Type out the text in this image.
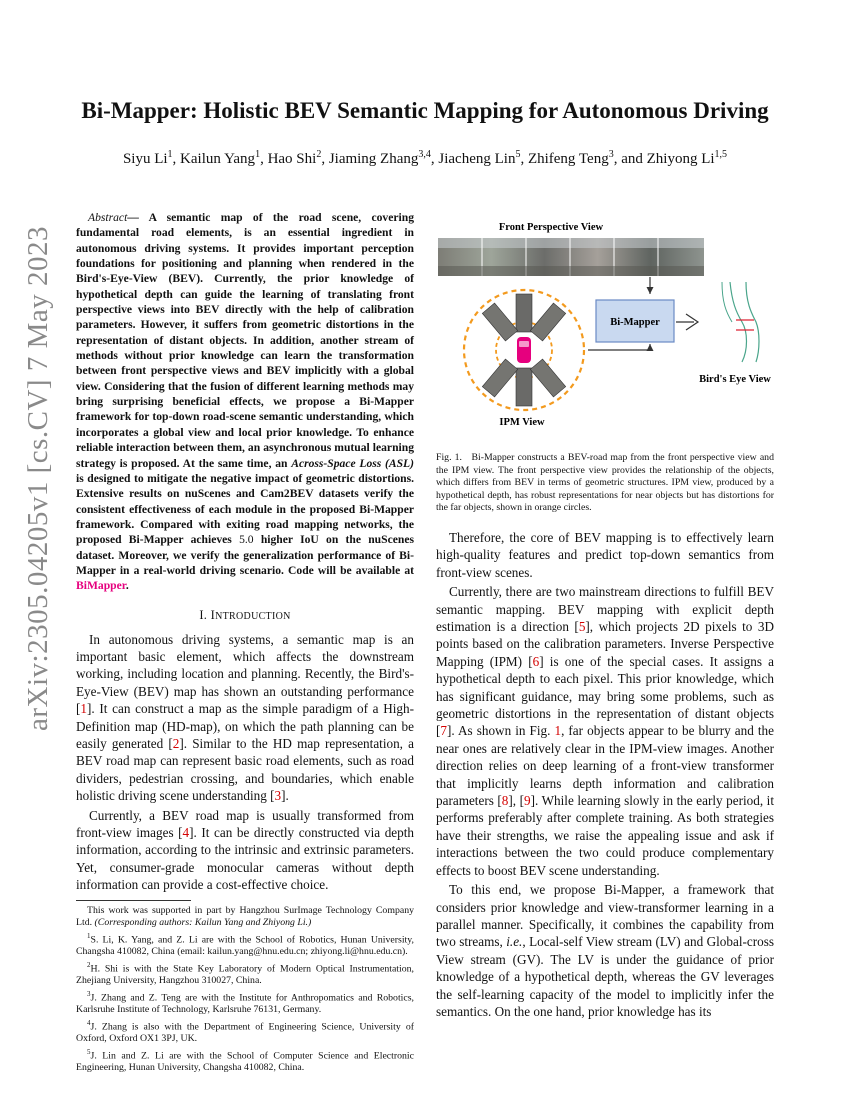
arXiv:2305.04205v1 [cs.CV] 7 May 2023
Bi-Mapper: Holistic BEV Semantic Mapping for Autonomous Driving

Siyu Li$^1$, Kailun Yang$^1$, Hao Shi$^2$, Jiaming Zhang$^{3,4}$, Jiacheng Lin$^5$, Zhifeng Teng$^3$, and Zhiyong Li$^{1,5}$

Abstract— A semantic map of the road scene, covering fundamental road elements, is an essential ingredient in autonomous driving systems. It provides important perception foundations for positioning and planning when rendered in the Bird's-Eye-View (BEV). Currently, the prior knowledge of hypothetical depth can guide the learning of translating front perspective views into BEV directly with the help of calibration parameters. However, it suffers from geometric distortions in the representation of distant objects. In addition, another stream of methods without prior knowledge can learn the transformation between front perspective views and BEV implicitly with a global view. Considering that the fusion of different learning methods may bring surprising beneficial effects, we propose a Bi-Mapper framework for top-down road-scene semantic understanding, which incorporates a global view and local prior knowledge. To enhance reliable interaction between them, an asynchronous mutual learning strategy is proposed. At the same time, an Across-Space Loss (ASL) is designed to mitigate the negative impact of geometric distortions. Extensive results on nuScenes and Cam2BEV datasets verify the consistent effectiveness of each module in the proposed Bi-Mapper framework. Compared with exiting road mapping networks, the proposed Bi-Mapper achieves 5.0 higher IoU on the nuScenes dataset. Moreover, we verify the generalization performance of Bi-Mapper in a real-world driving scenario. Code will be available at BiMapper.

I. INTRODUCTION

In autonomous driving systems, a semantic map is an important basic element, which affects the downstream working, including location and planning. Recently, the Bird's-Eye-View (BEV) map has shown an outstanding performance [1]. It can construct a map as the simple paradigm of a High-Definition map (HD-map), on which the path planning can be easily generated [2]. Similar to the HD map representation, a BEV road map can represent basic road elements, such as road dividers, pedestrian crossing, and boundaries, which enable holistic driving scene understanding [3].

Currently, a BEV road map is usually transformed from front-view images [4]. It can be directly constructed via depth information, according to the intrinsic and extrinsic parameters. Yet, consumer-grade monocular cameras without depth information can provide a cost-effective choice.

This work was supported in part by Hangzhou SurImage Technology Company Ltd. (Corresponding authors: Kailun Yang and Zhiyong Li.)

$^1$S. Li, K. Yang, and Z. Li are with the School of Robotics, Hunan University, Changsha 410082, China (email: kailun.yang@hnu.edu.cn; zhiyong.li@hnu.edu.cn).

$^2$H. Shi is with the State Key Laboratory of Modern Optical Instrumentation, Zhejiang University, Hangzhou 310027, China.

$^3$J. Zhang and Z. Teng are with the Institute for Anthropomatics and Robotics, Karlsruhe Institute of Technology, Karlsruhe 76131, Germany.

$^4$J. Zhang is also with the Department of Engineering Science, University of Oxford, Oxford OX1 3PJ, UK.

$^5$J. Lin and Z. Li are with the School of Computer Science and Electronic Engineering, Hunan University, Changsha 410082, China.

Front Perspective View
IPM View
Bi-Mapper
Bird's Eye View

Fig. 1. Bi-Mapper constructs a BEV-road map from the front perspective view and the IPM view. The front perspective view provides the relationship of the objects, which differs from BEV in terms of geometric structures. IPM view, produced by a hypothetical depth, has robust representations for near objects but has distortions for the far objects, shown in orange circles.

Therefore, the core of BEV mapping is to effectively learn high-quality features and predict top-down semantics from front-view scenes.

Currently, there are two mainstream directions to fulfill BEV semantic mapping. BEV mapping with explicit depth estimation is a direction [5], which projects 2D pixels to 3D points based on the calibration parameters. Inverse Perspective Mapping (IPM) [6] is one of the special cases. It assigns a hypothetical depth to each pixel. This prior knowledge, which has significant guidance, may bring some problems, such as geometric distortions in the representation of distant objects [7]. As shown in Fig. 1, far objects appear to be blurry and the near ones are relatively clear in the IPM-view images. Another direction relies on deep learning of a front-view transformer that implicitly learns depth information and calibration parameters [8], [9]. While learning slowly in the early period, it performs preferably after complete training. As both strategies have their strengths, we raise the appealing issue and ask if interactions between the two could produce complementary effects to boost BEV scene understanding.

To this end, we propose Bi-Mapper, a framework that considers prior knowledge and view-transformer learning in a parallel manner. Specifically, it combines the capability from two streams, i.e., Local-self View stream (LV) and Global-cross View stream (GV). The LV is under the guidance of prior knowledge of a hypothetical depth, whereas the GV leverages the self-learning capacity of the model to implicitly infer the semantics. On the one hand, prior knowledge has its
